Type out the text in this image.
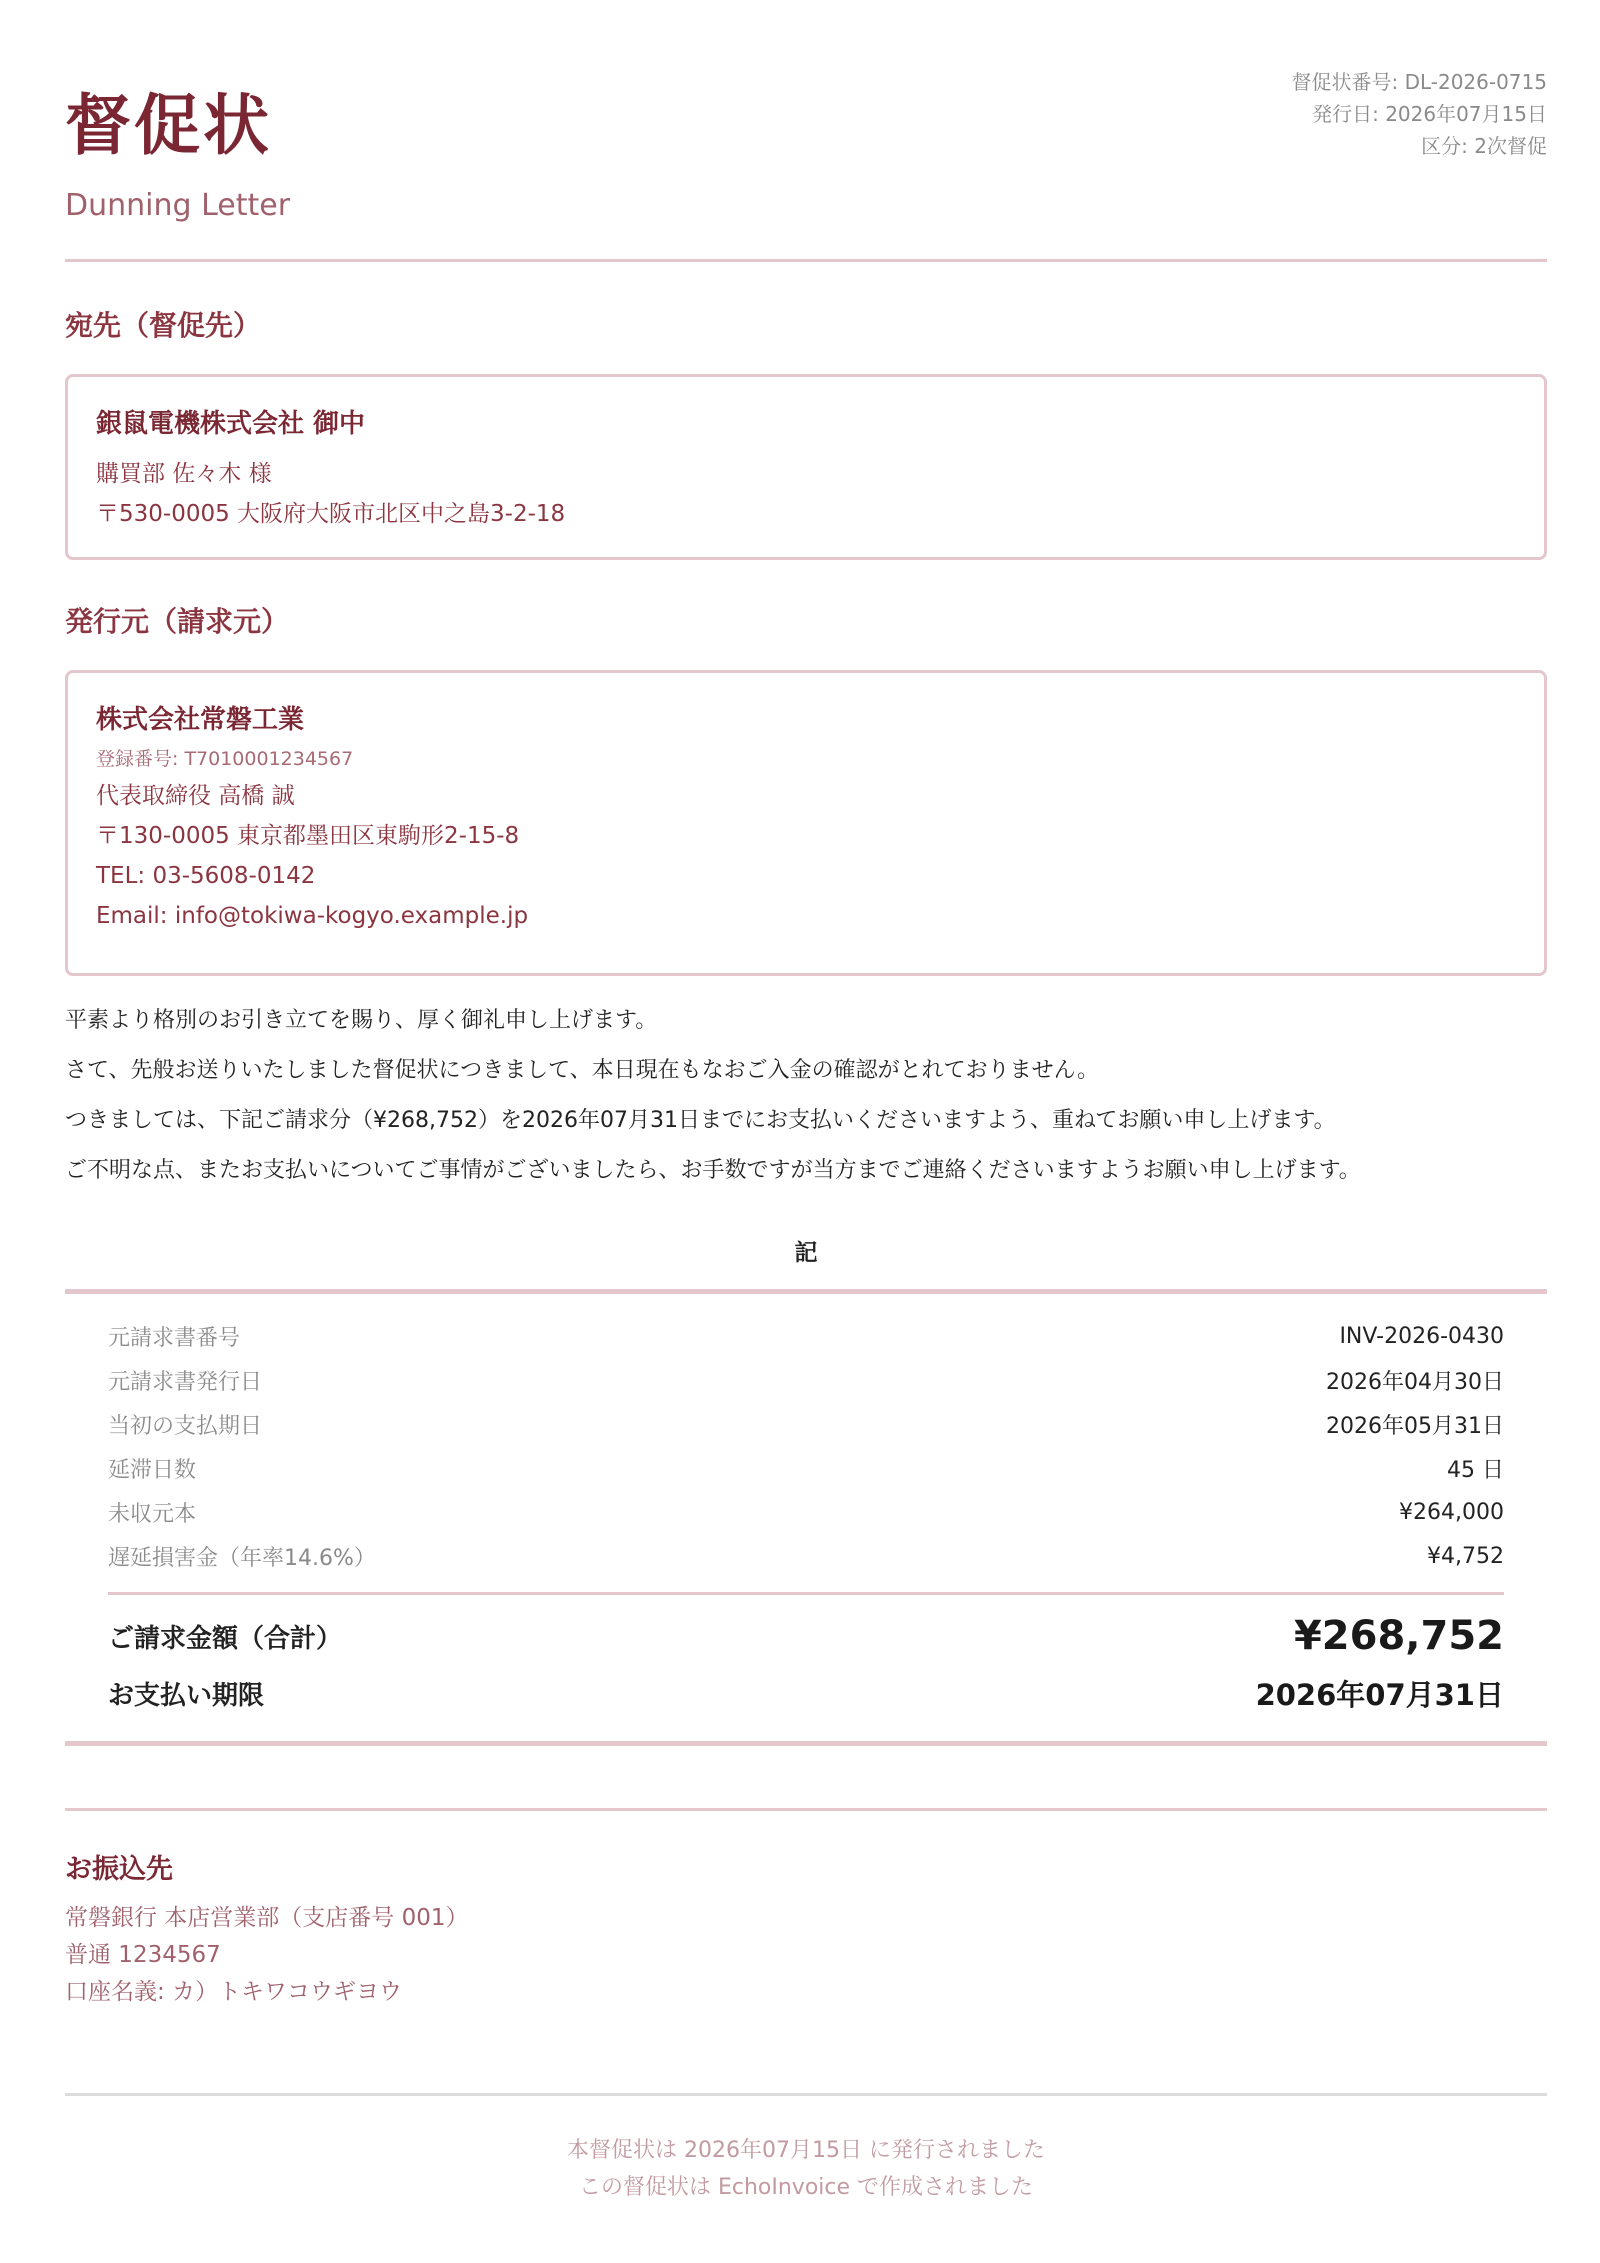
督促状
Dunning Letter
督促状番号: DL-2026-0715
発行日: 2026年07月15日
区分: 2次督促
宛先（督促先）
銀鼠電機株式会社 御中
購買部 佐々木 様
〒530-0005 大阪府大阪市北区中之島3-2-18
発行元（請求元）
株式会社常磐工業
登録番号: T7010001234567
代表取締役 高橋 誠
〒130-0005 東京都墨田区東駒形2-15-8
TEL: 03-5608-0142
Email: info@tokiwa-kogyo.example.jp
平素より格別のお引き立てを賜り、厚く御礼申し上げます。
さて、先般お送りいたしました督促状につきまして、本日現在もなおご入金の確認がとれておりません。
つきましては、下記ご請求分（¥268,752）を2026年07月31日までにお支払いくださいますよう、重ねてお願い申し上げます。
ご不明な点、またお支払いについてご事情がございましたら、お手数ですが当方までご連絡くださいますようお願い申し上げます。
記
元請求書番号	INV-2026-0430
元請求書発行日	2026年04月30日
当初の支払期日	2026年05月31日
延滞日数	45 日
未収元本	¥264,000
遅延損害金（年率14.6%）	¥4,752
ご請求金額（合計）	¥268,752
お支払い期限	2026年07月31日
お振込先
常磐銀行 本店営業部（支店番号 001）
普通 1234567
口座名義: カ）トキワコウギヨウ
本督促状は 2026年07月15日 に発行されました
この督促状は EchoInvoice で作成されました
